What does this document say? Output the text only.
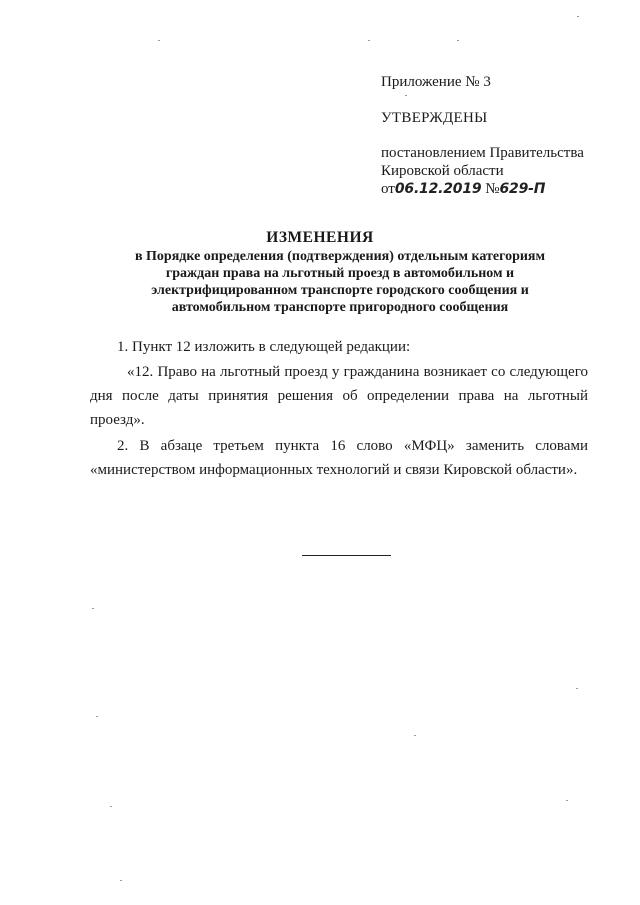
Приложение № 3
УТВЕРЖДЕНЫ
постановлением Правительства
Кировской области
от06.12.2019 №629-П
ИЗМЕНЕНИЯ
в Порядке определения (подтверждения) отдельным категориям
граждан права на льготный проезд в автомобильном и
электрифицированном транспорте городского сообщения и
автомобильном транспорте пригородного сообщения
1. Пункт 12 изложить в следующей редакции:
«12. Право на льготный проезд у гражданина возникает со следующего дня после даты принятия решения об определении права на льготный проезд».
2. В абзаце третьем пункта 16 слово «МФЦ» заменить словами «министерством информационных технологий и связи Кировской области».
